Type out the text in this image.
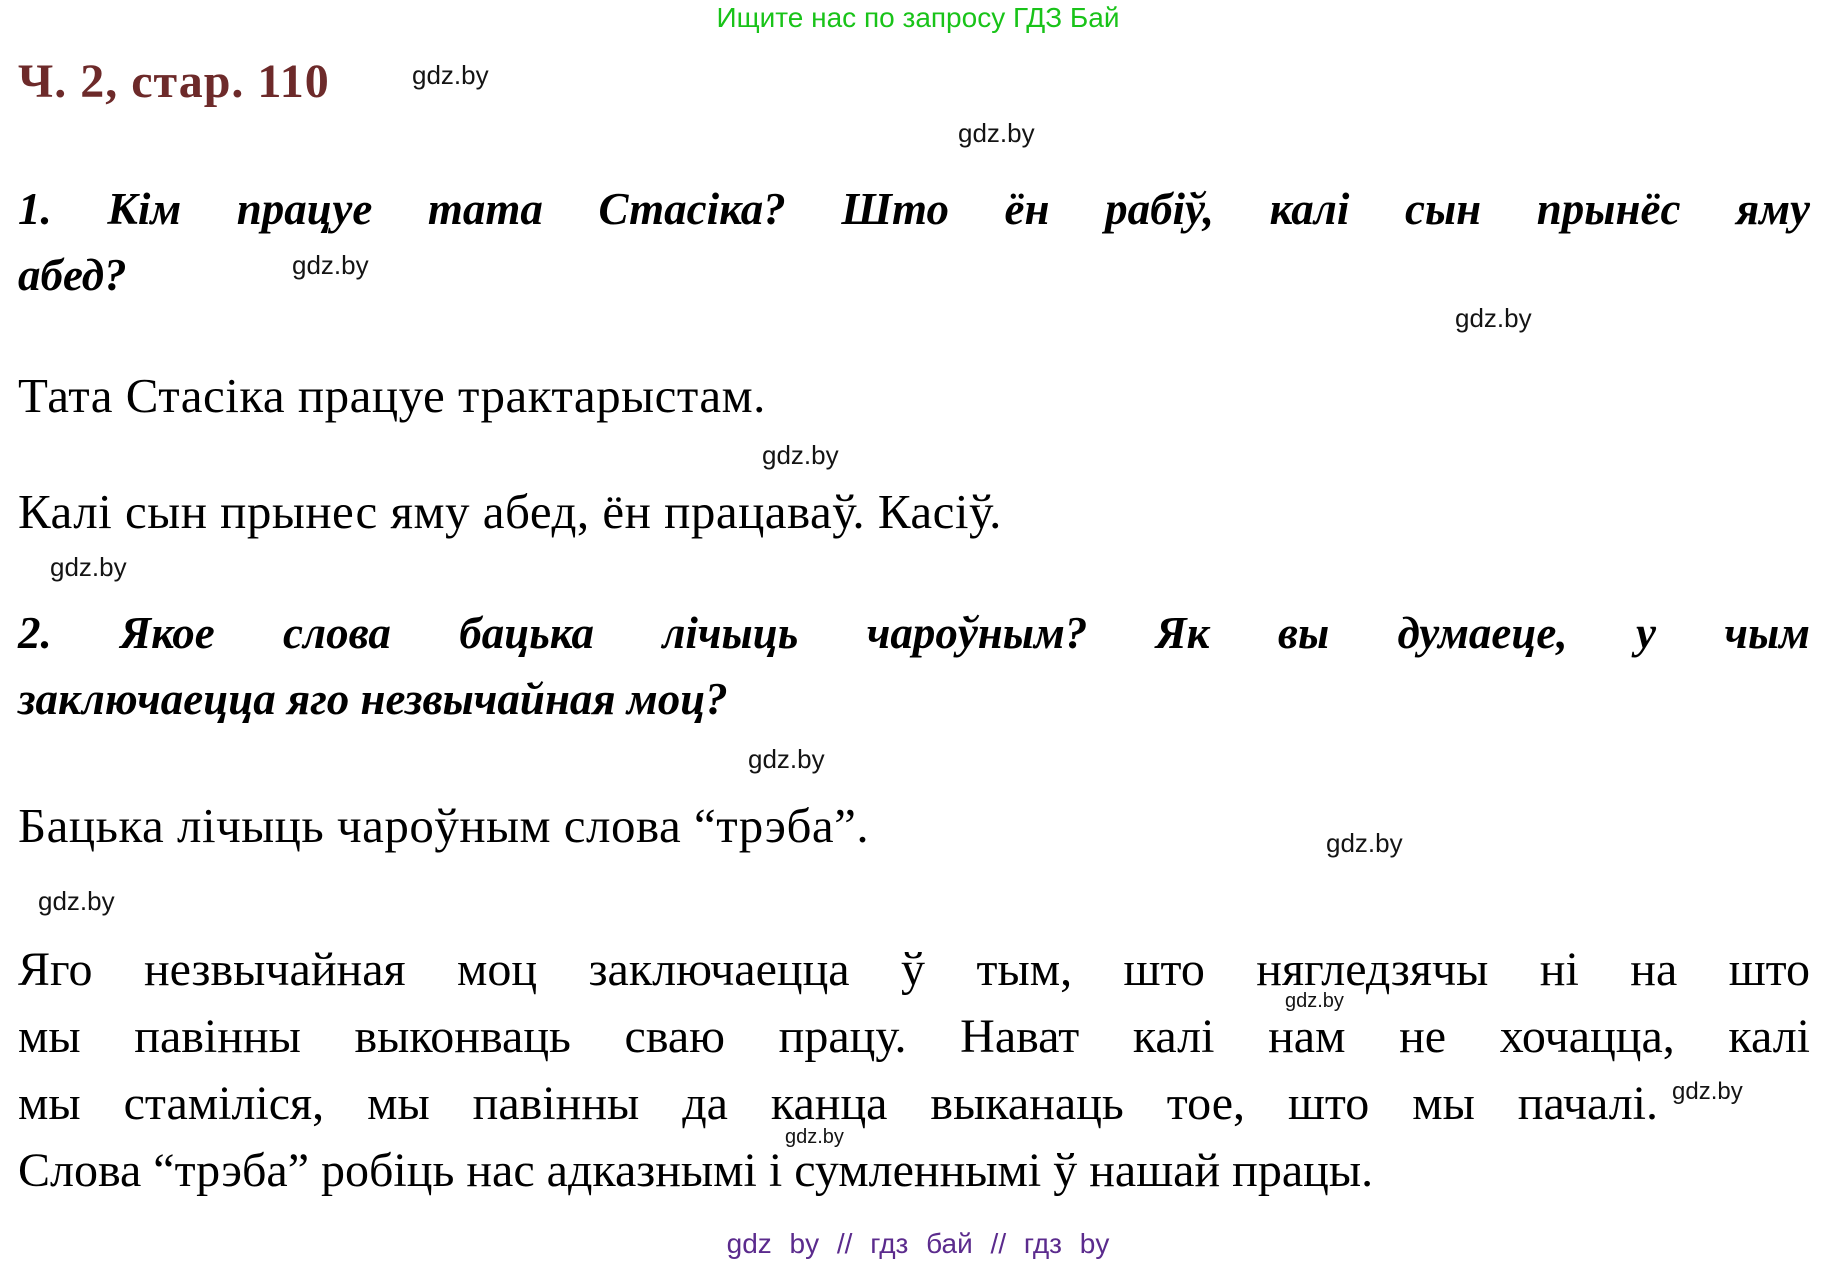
Ищите нас по запросу ГДЗ Бай
Ч. 2, стар. 110	gdz.by
gdz.by
gdz.by
gdz.by
gdz.by
gdz.by
gdz.by
gdz.by
gdz.by
gdz.by
gdz.by
gdz.by
1. Кім працуе тата Стасіка? Што ён рабіў, калі сын прынёс яму
абед?
Тата Стасіка працуе трактарыстам.
Калі сын прынес яму абед, ён працаваў. Касіў.
2. Якое слова бацька лічыць чароўным? Як вы думаеце, у чым
заключаецца яго незвычайная моц?
Бацька лічыць чароўным слова “трэба”.
Яго незвычайная моц заключаецца ў тым, што нягледзячы ні на што
мы павінны выконваць сваю працу. Нават калі нам не хочацца, калі
мы стаміліся, мы павінны да канца выканаць тое, што мы пачалі.
Слова “трэба” робіць нас адказнымі і сумленнымі ў нашай працы.
gdz by // гдз бай // гдз by
